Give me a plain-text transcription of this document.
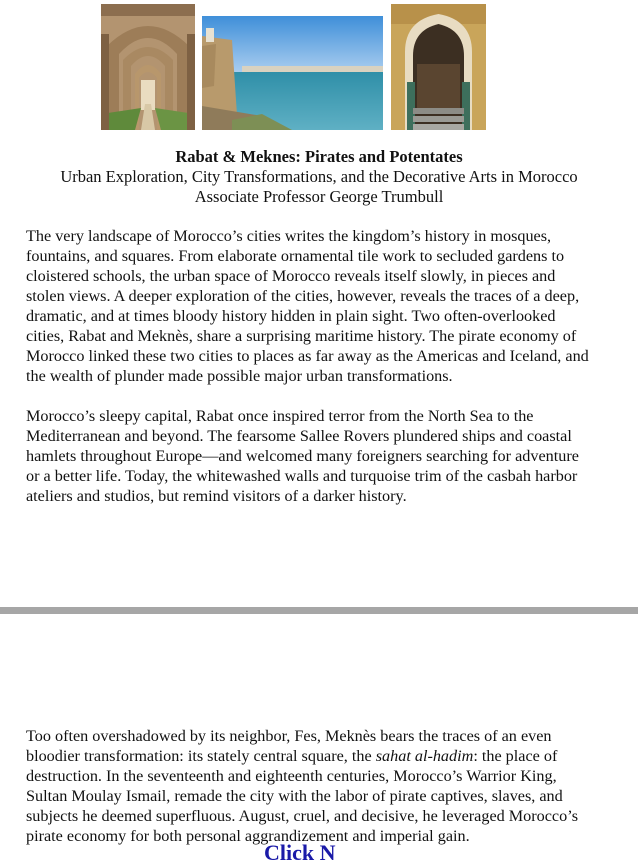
Rabat & Meknes: Pirates and Potentates
Urban Exploration, City Transformations, and the Decorative Arts in Morocco
Associate Professor George Trumbull
The very landscape of Morocco’s cities writes the kingdom’s history in mosques,
fountains, and squares. From elaborate ornamental tile work to secluded gardens to
cloistered schools, the urban space of Morocco reveals itself slowly, in pieces and
stolen views. A deeper exploration of the cities, however, reveals the traces of a deep,
dramatic, and at times bloody history hidden in plain sight. Two often-overlooked
cities, Rabat and Meknès, share a surprising maritime history. The pirate economy of
Morocco linked these two cities to places as far away as the Americas and Iceland, and
the wealth of plunder made possible major urban transformations.
Morocco’s sleepy capital, Rabat once inspired terror from the North Sea to the
Mediterranean and beyond. The fearsome Sallee Rovers plundered ships and coastal
hamlets throughout Europe—and welcomed many foreigners searching for adventure
or a better life. Today, the whitewashed walls and turquoise trim of the casbah harbor
ateliers and studios, but remind visitors of a darker history.
Too often overshadowed by its neighbor, Fes, Meknès bears the traces of an even
bloodier transformation: its stately central square, the sahat al-hadim: the place of
destruction. In the seventeenth and eighteenth centuries, Morocco’s Warrior King,
Sultan Moulay Ismail, remade the city with the labor of pirate captives, slaves, and
subjects he deemed superfluous. August, cruel, and decisive, he leveraged Morocco’s
pirate economy for both personal aggrandizement and imperial gain.
Click N
